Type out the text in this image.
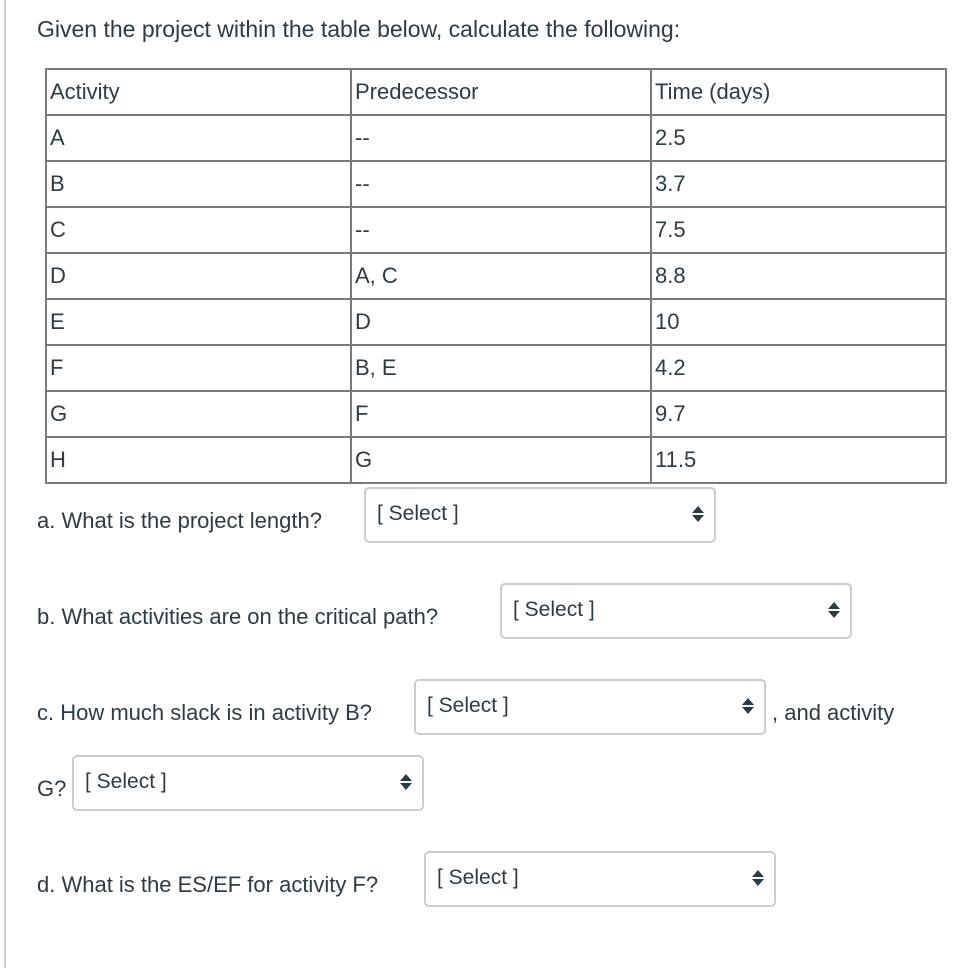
Given the project within the table below, calculate the following:
Activity	Predecessor	Time (days)
A	--	2.5
B	--	3.7
C	--	7.5
D	A, C	8.8
E	D	10
F	B, E	4.2
G	F	9.7
H	G	11.5
a. What is the project length?	[ Select ]
b. What activities are on the critical path?	[ Select ]
c. How much slack is in activity B?	[ Select ]	, and activity
G? [ Select ]
d. What is the ES/EF for activity F?	[ Select ]
